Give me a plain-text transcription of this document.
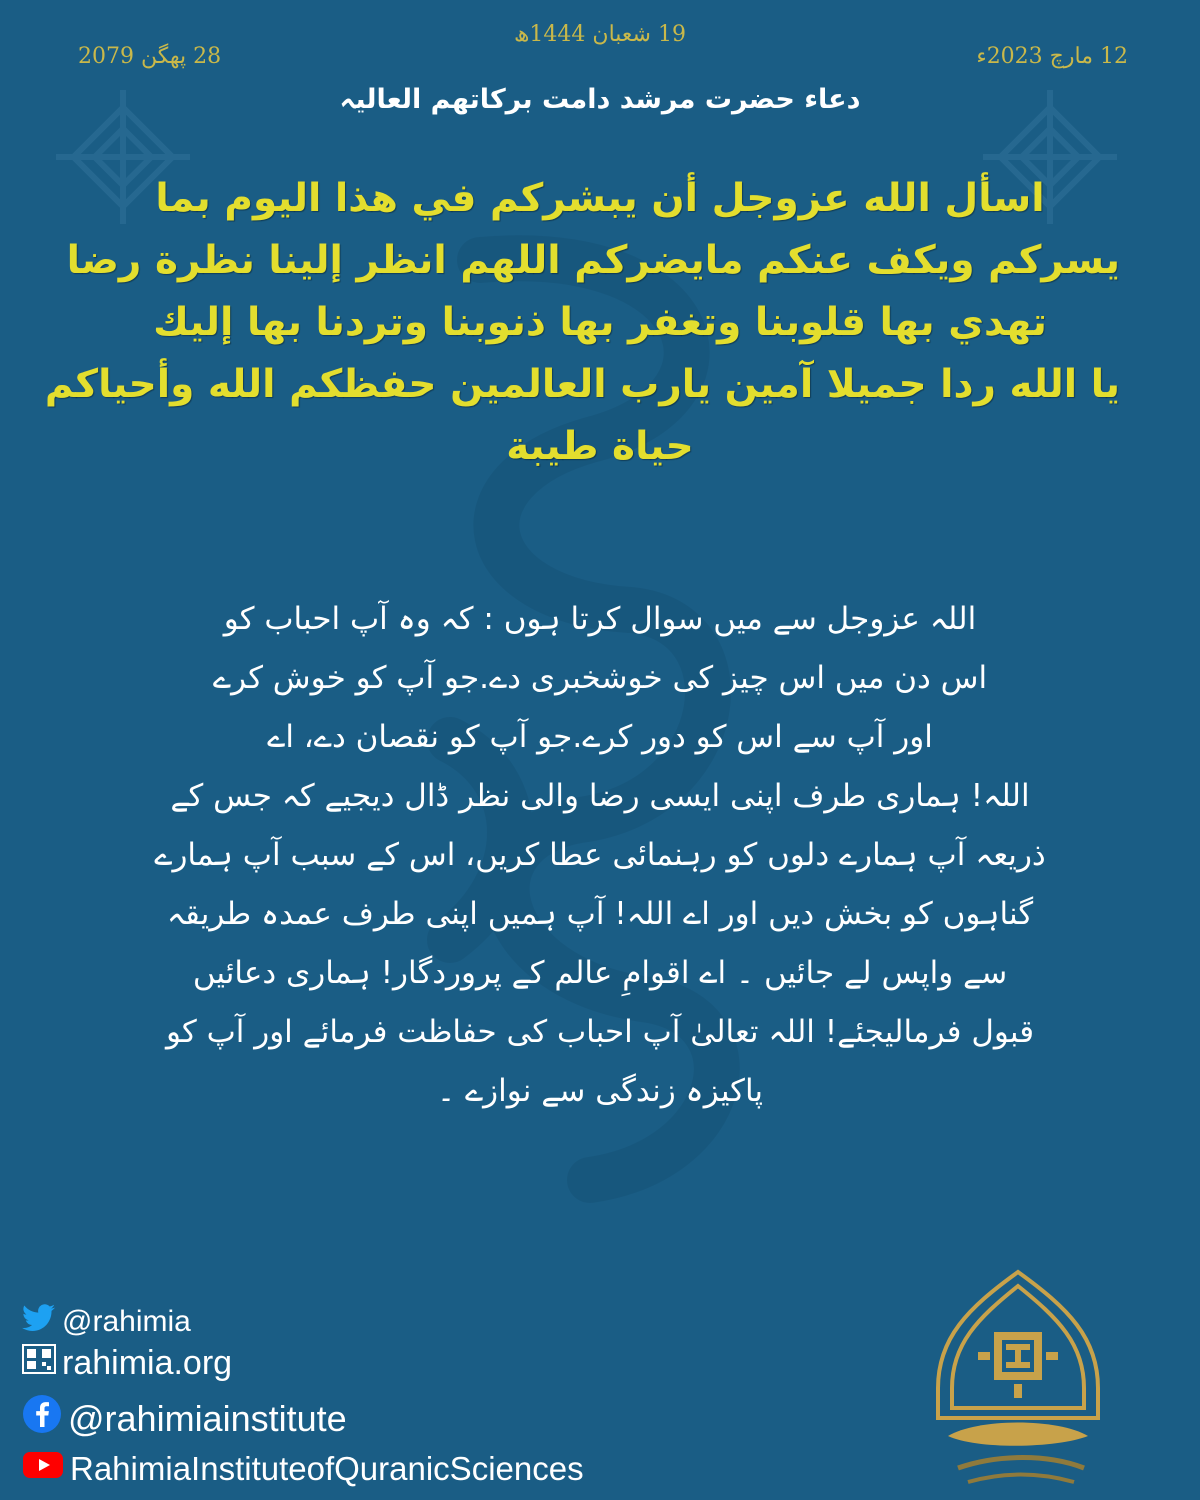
19 شعبان 1444ھ
12 مارچ 2023ء
28 پھگن 2079
دعاء حضرت مرشد دامت برکاتھم العالیہ
اسأل الله عزوجل أن يبشركم في هذا اليوم بما
يسركم ويكف عنكم مايضركم اللهم انظر إلينا نظرة رضا
تهدي بها قلوبنا وتغفر بها ذنوبنا وتردنا بها إليك
يا الله ردا جميلا آمين يارب العالمين حفظكم الله وأحياكم
حياة طيبة
اللہ عزوجل سے میں سوال کرتا ہوں : کہ وہ آپ احباب کو
اس دن میں اس چیز کی خوشخبری دے.جو آپ کو خوش کرے
اور آپ سے اس کو دور کرے.جو آپ کو نقصان دے، اے
اللہ! ہماری طرف اپنی ایسی رضا والی نظر ڈال دیجیے کہ جس کے
ذریعہ آپ ہمارے دلوں کو رہنمائی عطا کریں، اس کے سبب آپ ہمارے
گناہوں کو بخش دیں اور اے اللہ! آپ ہمیں اپنی طرف عمدہ طریقہ
سے واپس لے جائیں ۔ اے اقوامِ عالم کے پروردگار! ہماری دعائیں
قبول فرمالیجئے! اللہ تعالیٰ آپ احباب کی حفاظت فرمائے اور آپ کو
پاکیزہ زندگی سے نوازے ۔
@rahimia
rahimia.org
@rahimiainstitute
RahimiaInstituteofQuranicSciences
